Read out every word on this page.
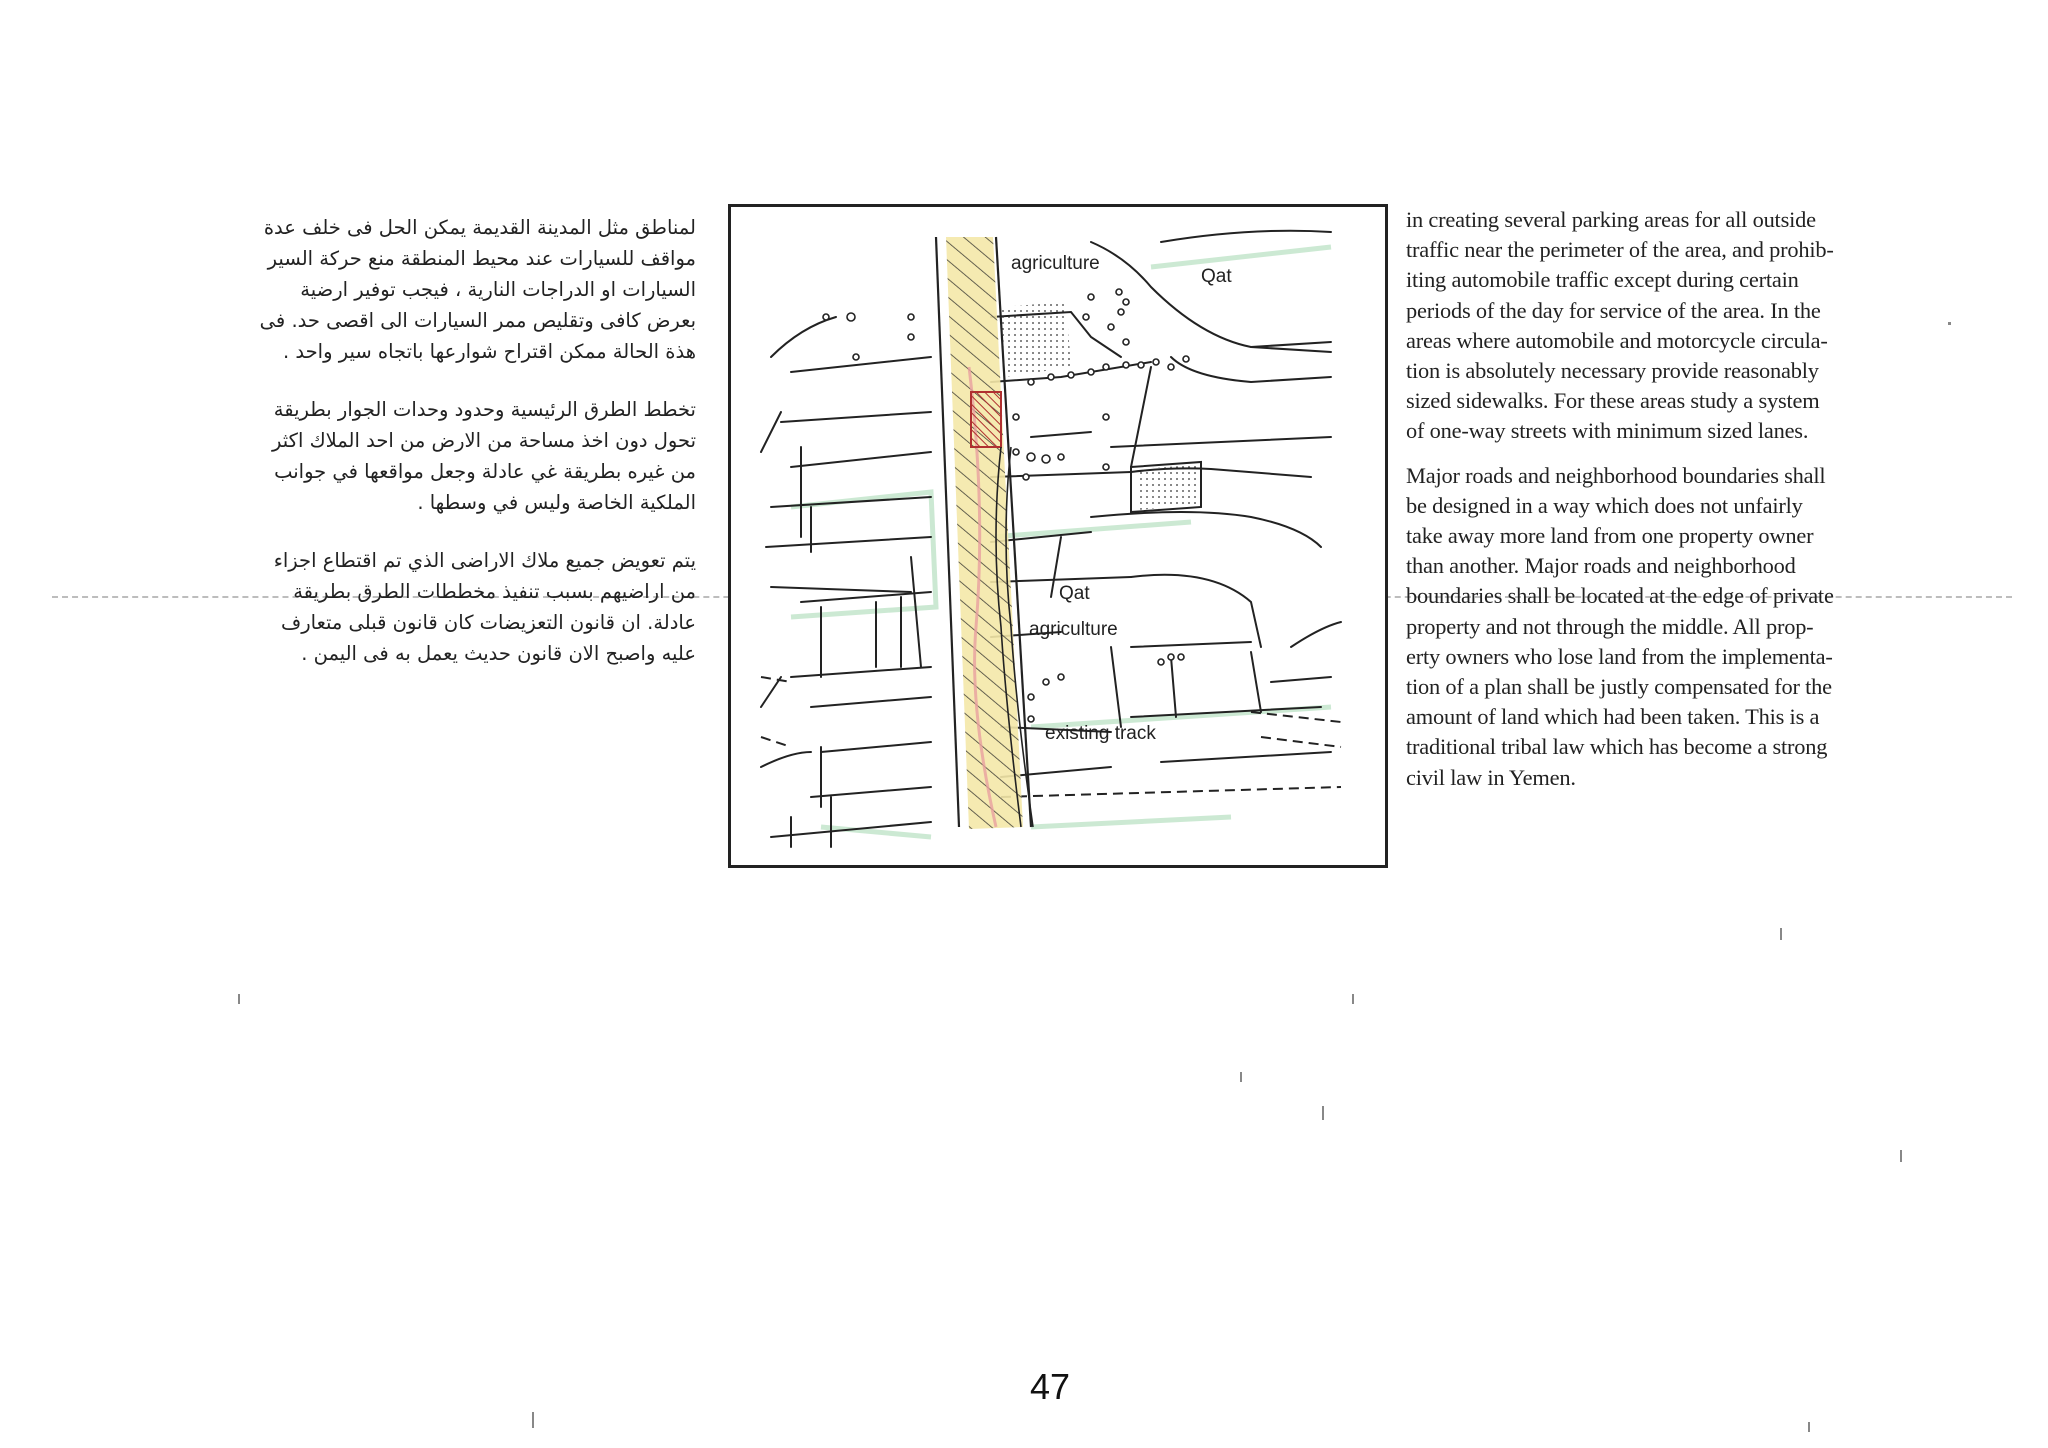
لمناطق مثل المدينة القديمة يمكن الحل فى خلف عدة
مواقف للسيارات عند محيط المنطقة منع حركة السير
السيارات او الدراجات النارية ، فيجب توفير ارضية
بعرض كافى وتقليص ممر السيارات الى اقصى حد. فى
هذة الحالة ممكن اقتراح شوارعها باتجاه سير واحد .

تخطط الطرق الرئيسية وحدود وحدات الجوار بطريقة
تحول دون اخذ مساحة من الارض من احد الملاك اكثر
من غيره بطريقة غي عادلة وجعل مواقعها في جوانب
الملكية الخاصة وليس في وسطها .

يتم تعويض جميع ملاك الاراضى الذي تم اقتطاع اجزاء
من اراضيهم بسبب تنفيذ مخططات الطرق بطريقة
عادلة. ان قانون التعزيضات كان قانون قبلى متعارف
عليه واصبح الان قانون حديث يعمل به فى اليمن .

agriculture
Qat
Qat
agriculture
existing track

in creating several parking areas for all outside
traffic near the perimeter of the area, and prohib-
iting automobile traffic except during certain
periods of the day for service of the area. In the
areas where automobile and motorcycle circula-
tion is absolutely necessary provide reasonably
sized sidewalks. For these areas study a system
of one-way streets with minimum sized lanes.

Major roads and neighborhood boundaries shall
be designed in a way which does not unfairly
take away more land from one property owner
than another. Major roads and neighborhood
boundaries shall be located at the edge of private
property and not through the middle. All prop-
erty owners who lose land from the implementa-
tion of a plan shall be justly compensated for the
amount of land which had been taken. This is a
traditional tribal law which has become a strong
civil law in Yemen.

47
